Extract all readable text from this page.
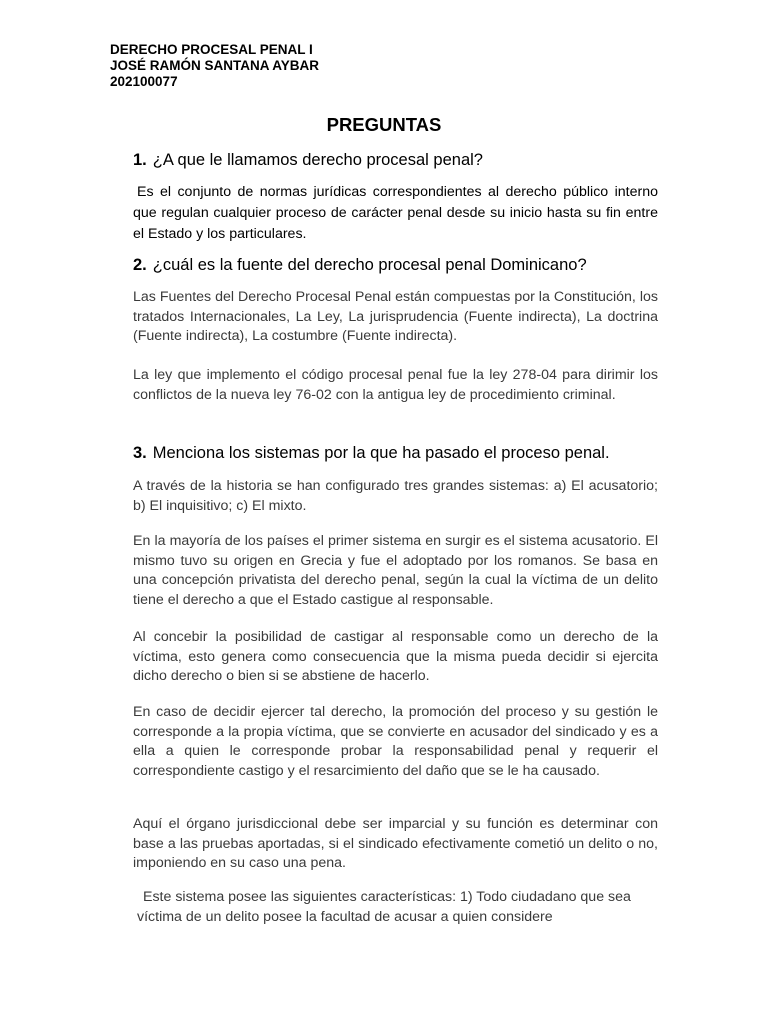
DERECHO PROCESAL PENAL I
JOSÉ RAMÓN SANTANA AYBAR
202100077
PREGUNTAS
1. ¿A que le llamamos derecho procesal penal?
Es el conjunto de normas jurídicas correspondientes al derecho público interno que regulan cualquier proceso de carácter penal desde su inicio hasta su fin entre el Estado y los particulares.
2. ¿cuál es la fuente del derecho procesal penal Dominicano?
Las Fuentes del Derecho Procesal Penal están compuestas por la Constitución, los tratados Internacionales, La Ley, La jurisprudencia (Fuente indirecta), La doctrina (Fuente indirecta), La costumbre (Fuente indirecta).
La ley que implemento el código procesal penal fue la ley 278-04 para dirimir los conflictos de la nueva ley 76-02 con la antigua ley de procedimiento criminal.
3. Menciona los sistemas por la que ha pasado el proceso penal.
A través de la historia se han configurado tres grandes sistemas: a) El acusatorio; b) El inquisitivo; c) El mixto.
En la mayoría de los países el primer sistema en surgir es el sistema acusatorio. El mismo tuvo su origen en Grecia y fue el adoptado por los romanos. Se basa en una concepción privatista del derecho penal, según la cual la víctima de un delito tiene el derecho a que el Estado castigue al responsable.
Al concebir la posibilidad de castigar al responsable como un derecho de la víctima, esto genera como consecuencia que la misma pueda decidir si ejercita dicho derecho o bien si se abstiene de hacerlo.
En caso de decidir ejercer tal derecho, la promoción del proceso y su gestión le corresponde a la propia víctima, que se convierte en acusador del sindicado y es a ella a quien le corresponde probar la responsabilidad penal y requerir el correspondiente castigo y el resarcimiento del daño que se le ha causado.
Aquí el órgano jurisdiccional debe ser imparcial y su función es determinar con base a las pruebas aportadas, si el sindicado efectivamente cometió un delito o no, imponiendo en su caso una pena.
Este sistema posee las siguientes características: 1) Todo ciudadano que sea víctima de un delito posee la facultad de acusar a quien considere
